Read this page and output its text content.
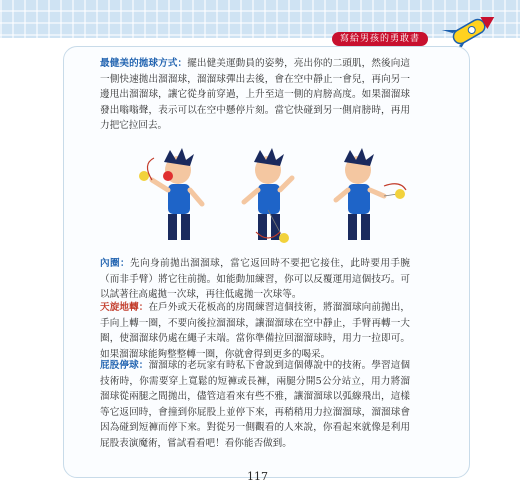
寫給男孩的勇敢書

最健美的拋球方式：擺出健美運動員的姿勢，亮出你的二頭肌，然後向這一側快速拋出溜溜球，溜溜球彈出去後，會在空中靜止一會兒，再向另一邊甩出溜溜球，讓它從身前穿過，上升至這一側的肩膀高度。如果溜溜球發出嗡嗡聲，表示可以在空中懸停片刻。當它快碰到另一側肩膀時，再用力把它拉回去。

內圈：先向身前拋出溜溜球，當它返回時不要把它接住，此時要用手腕（而非手臂）將它往前拋。如能動加練習，你可以反覆運用這個技巧。可以試著往高處拋一次球，再往低處拋一次球等。

天旋地轉：在戶外或天花板高的房間練習這個技術，將溜溜球向前拋出，手向上轉一圈，不要向後拉溜溜球，讓溜溜球在空中靜止，手臂再轉一大圈，使溜溜球仍處在繩子末端。當你準備拉回溜溜球時，用力一拉即可。如果溜溜球能夠整整轉一圈，你就會得到更多的喝采。

屁股停球：溜溜球的老玩家有時私下會說到這個傳說中的技術。學習這個技術時，你需要穿上寬鬆的短褲或長褲，兩腿分開5公分站立，用力將溜溜球從兩腿之間拋出，儘管這看來有些不雅，讓溜溜球以弧線飛出，這樣等它返回時，會撞到你屁股上並停下來，再稍稍用力拉溜溜球，溜溜球會因為碰到短褲而停下來。對從另一側觀看的人來說，你看起來就像是利用屁股表演魔術，嘗試看看吧！看你能否做到。

117
